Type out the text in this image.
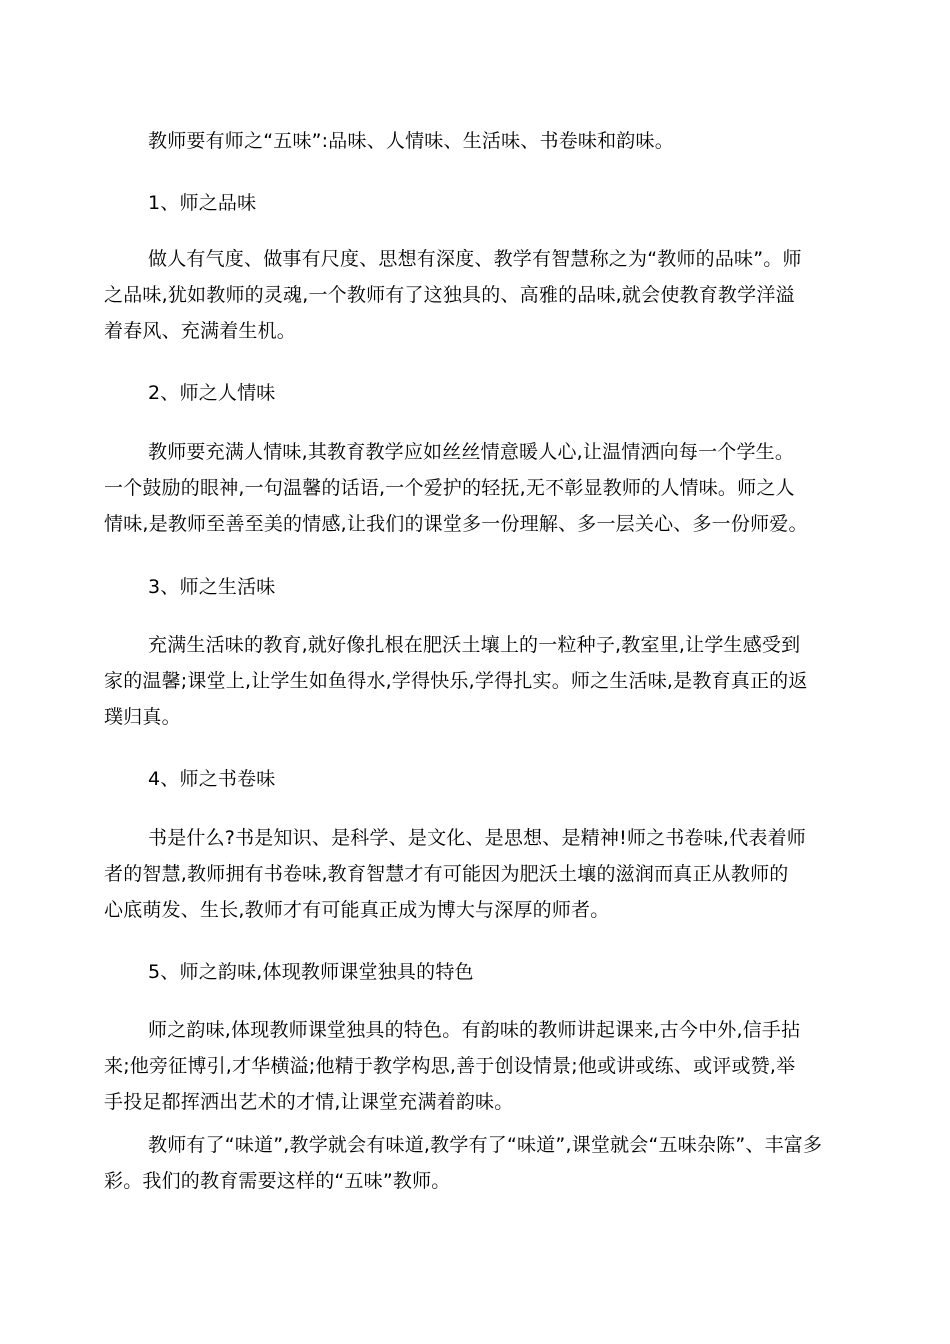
教师要有师之“五味”:品味、人情味、生活味、书卷味和韵味。
1、师之品味
做人有气度、做事有尺度、思想有深度、教学有智慧称之为“教师的品味”。师
之品味,犹如教师的灵魂,一个教师有了这独具的、高雅的品味,就会使教育教学洋溢
着春风、充满着生机。
2、师之人情味
教师要充满人情味,其教育教学应如丝丝情意暖人心,让温情洒向每一个学生。
一个鼓励的眼神,一句温馨的话语,一个爱护的轻抚,无不彰显教师的人情味。师之人
情味,是教师至善至美的情感,让我们的课堂多一份理解、多一层关心、多一份师爱。
3、师之生活味
充满生活味的教育,就好像扎根在肥沃土壤上的一粒种子,教室里,让学生感受到
家的温馨;课堂上,让学生如鱼得水,学得快乐,学得扎实。师之生活味,是教育真正的返
璞归真。
4、师之书卷味
书是什么?书是知识、是科学、是文化、是思想、是精神!师之书卷味,代表着师
者的智慧,教师拥有书卷味,教育智慧才有可能因为肥沃土壤的滋润而真正从教师的
心底萌发、生长,教师才有可能真正成为博大与深厚的师者。
5、师之韵味,体现教师课堂独具的特色
师之韵味,体现教师课堂独具的特色。有韵味的教师讲起课来,古今中外,信手拈
来;他旁征博引,才华横溢;他精于教学构思,善于创设情景;他或讲或练、或评或赞,举
手投足都挥洒出艺术的才情,让课堂充满着韵味。
教师有了“味道”,教学就会有味道,教学有了“味道”,课堂就会“五味杂陈”、丰富多
彩。我们的教育需要这样的“五味”教师。
